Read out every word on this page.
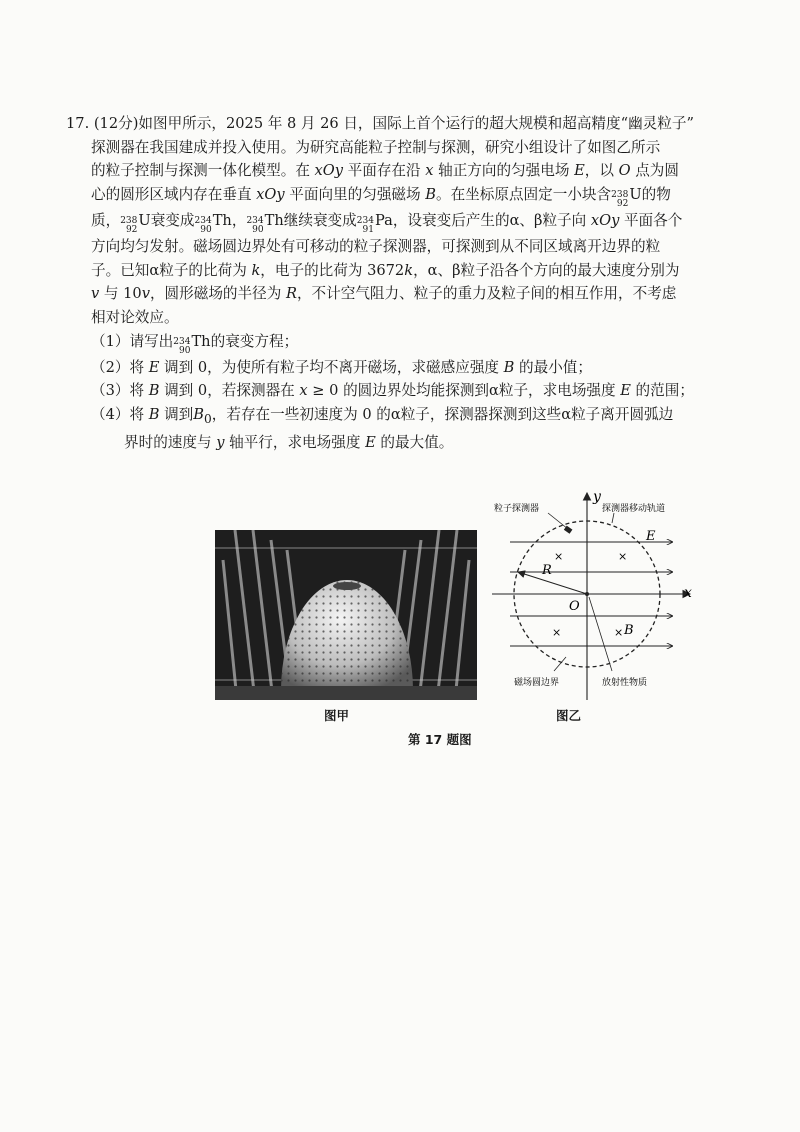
17. (12分)如图甲所示，2025 年 8 月 26 日，国际上首个运行的超大规模和超高精度“幽灵粒子”
探测器在我国建成并投入使用。为研究高能粒子控制与探测，研究小组设计了如图乙所示
的粒子控制与探测一体化模型。在 xOy 平面存在沿 x 轴正方向的匀强电场 E，以 O 点为圆
心的圆形区域内存在垂直 xOy 平面向里的匀强磁场 B。在坐标原点固定一小块含 238
92
U的物
质， 238
92
U衰变成 234
90
Th， 234
90
Th继续衰变成 234
91
Pa，设衰变后产生的α、β粒子向 xOy 平面各个
方向均匀发射。磁场圆边界处有可移动的粒子探测器，可探测到从不同区域离开边界的粒
子。已知α粒子的比荷为 k，电子的比荷为 3672k，α、β粒子沿各个方向的最大速度分别为
v 与 10v，圆形磁场的半径为 R，不计空气阻力、粒子的重力及粒子间的相互作用，不考虑
相对论效应。
（1）请写出 234
90
Th的衰变方程；
（2）将 E 调到 0，为使所有粒子均不离开磁场，求磁感应强度 B 的最小值；
（3）将 B 调到 0，若探测器在 x ≥ 0 的圆边界处均能探测到α粒子，求电场强度 E 的范围；
（4）将 B 调到$B_0$，若存在一些初速度为 0 的α粒子，探测器探测到这些α粒子离开圆弧边
界时的速度与 y 轴平行，求电场强度 E 的最大值。
图甲	图乙
第 17 题图
粒子探测器	探测器移动轨道
磁场圆边界	放射性物质
y
x
O
E
R
B
×	×
×	×
